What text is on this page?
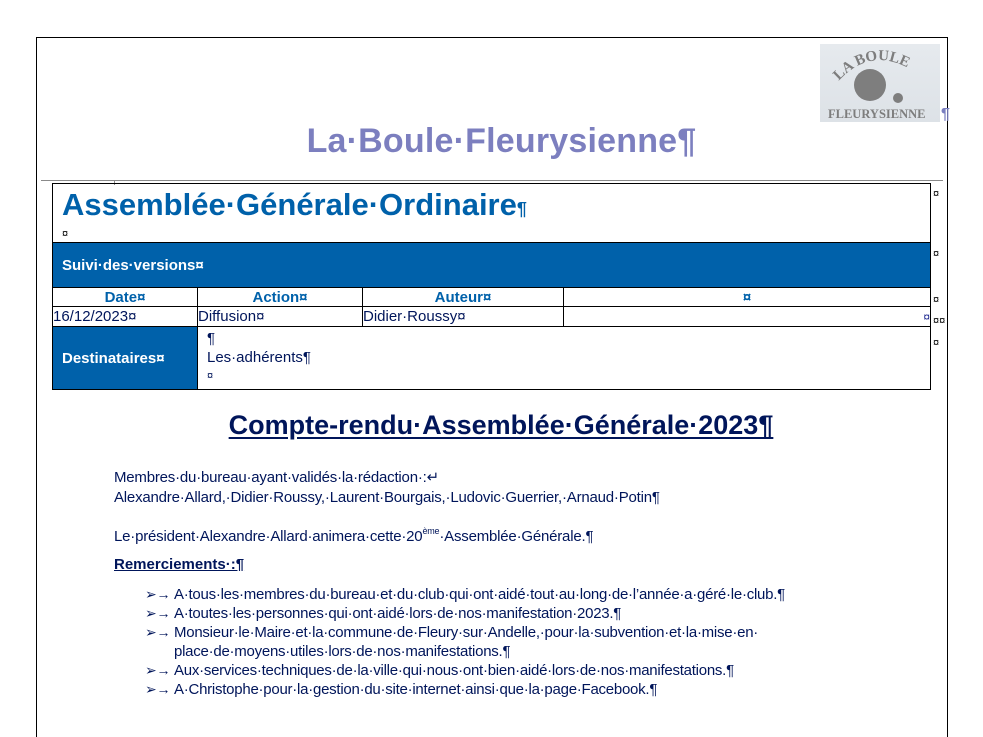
LA BOULE
FLEURYSIENNE ¶
La·Boule·Fleurysienne¶
Assemblée·Générale·Ordinaire¶
¤			

Suivi·des·versions¤			
Date¤	Action¤	Auteur¤	¤
16/12/2023¤	Diffusion¤	Didier·Roussy¤	¤
Destinataires¤	¶
Les·adhérents¶
¤		
¤
¤
¤
¤¤
¤
Compte-rendu·Assemblée·Générale·2023¶
Membres·du·bureau·ayant·validés·la·rédaction·:↵
Alexandre·Allard,·Didier·Roussy,·Laurent·Bourgais,·Ludovic·Guerrier,·Arnaud·Potin¶
Le·président·Alexandre·Allard·animera·cette·20ème·Assemblée·Générale.¶
Remerciements·:¶
➢→ A·tous·les·membres·du·bureau·et·du·club·qui·ont·aidé·tout·au·long·de·l’année·a·géré·le·club.¶
➢→ A·toutes·les·personnes·qui·ont·aidé·lors·de·nos·manifestation·2023.¶
➢→ Monsieur·le·Maire·et·la·commune·de·Fleury·sur·Andelle,·pour·la·subvention·et·la·mise·en· place·de·moyens·utiles·lors·de·nos·manifestations.¶
➢→ Aux·services·techniques·de·la·ville·qui·nous·ont·bien·aidé·lors·de·nos·manifestations.¶
➢→ A·Christophe·pour·la·gestion·du·site·internet·ainsi·que·la·page·Facebook.¶
